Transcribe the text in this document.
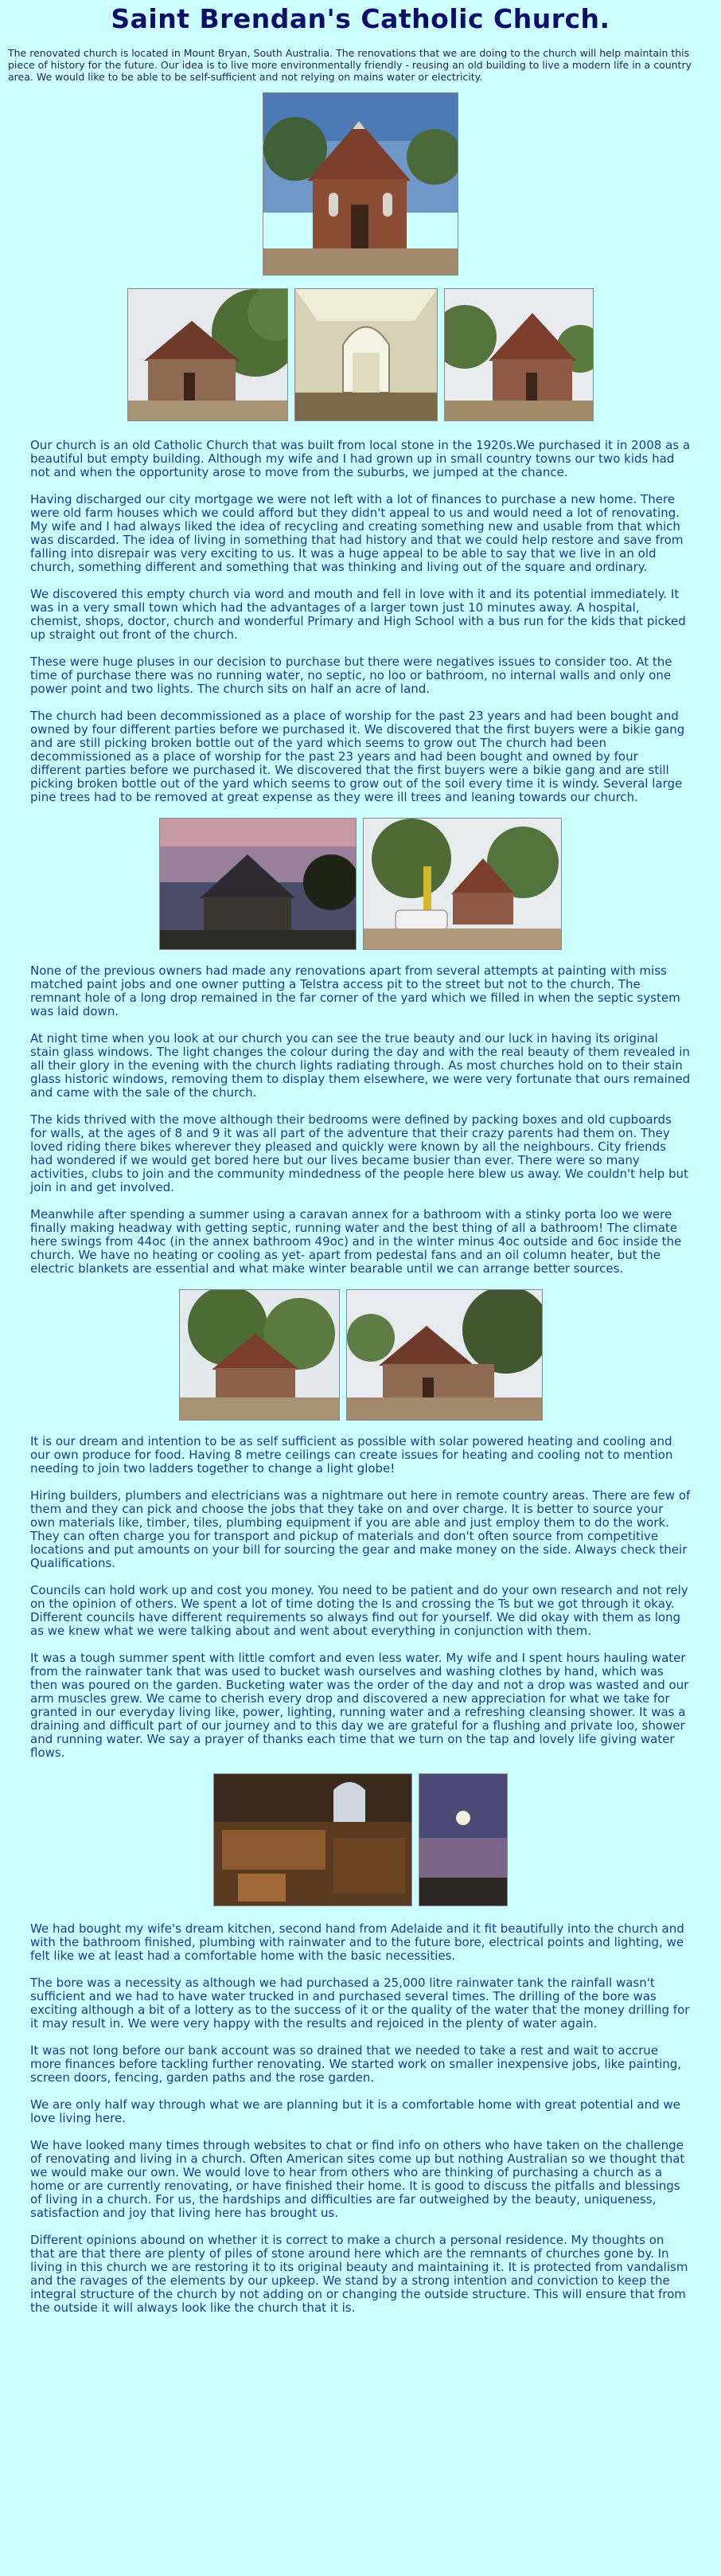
Saint Brendan's Catholic Church.
The renovated church is located in Mount Bryan, South Australia. The renovations that we are doing to the church will help maintain this piece of history for the future. Our idea is to live more environmentally friendly - reusing an old building to live a modern life in a country area. We would like to be able to be self-sufficient and not relying on mains water or electricity.

Our church is an old Catholic Church that was built from local stone in the 1920s.We purchased it in 2008 as a beautiful but empty building. Although my wife and I had grown up in small country towns our two kids had not and when the opportunity arose to move from the suburbs, we jumped at the chance.

Having discharged our city mortgage we were not left with a lot of finances to purchase a new home. There were old farm houses which we could afford but they didn't appeal to us and would need a lot of renovating. My wife and I had always liked the idea of recycling and creating something new and usable from that which was discarded. The idea of living in something that had history and that we could help restore and save from falling into disrepair was very exciting to us. It was a huge appeal to be able to say that we live in an old church, something different and something that was thinking and living out of the square and ordinary.

We discovered this empty church via word and mouth and fell in love with it and its potential immediately. It was in a very small town which had the advantages of a larger town just 10 minutes away. A hospital, chemist, shops, doctor, church and wonderful Primary and High School with a bus run for the kids that picked up straight out front of the church.

These were huge pluses in our decision to purchase but there were negatives issues to consider too. At the time of purchase there was no running water, no septic, no loo or bathroom, no internal walls and only one power point and two lights. The church sits on half an acre of land.

The church had been decommissioned as a place of worship for the past 23 years and had been bought and owned by four different parties before we purchased it. We discovered that the first buyers were a bikie gang and are still picking broken bottle out of the yard which seems to grow out The church had been decommissioned as a place of worship for the past 23 years and had been bought and owned by four different parties before we purchased it. We discovered that the first buyers were a bikie gang and are still picking broken bottle out of the yard which seems to grow out of the soil every time it is windy. Several large pine trees had to be removed at great expense as they were ill trees and leaning towards our church.

None of the previous owners had made any renovations apart from several attempts at painting with miss matched paint jobs and one owner putting a Telstra access pit to the street but not to the church. The remnant hole of a long drop remained in the far corner of the yard which we filled in when the septic system was laid down.

At night time when you look at our church you can see the true beauty and our luck in having its original stain glass windows. The light changes the colour during the day and with the real beauty of them revealed in all their glory in the evening with the church lights radiating through. As most churches hold on to their stain glass historic windows, removing them to display them elsewhere, we were very fortunate that ours remained and came with the sale of the church.

The kids thrived with the move although their bedrooms were defined by packing boxes and old cupboards for walls, at the ages of 8 and 9 it was all part of the adventure that their crazy parents had them on. They loved riding there bikes wherever they pleased and quickly were known by all the neighbours. City friends had wondered if we would get bored here but our lives became busier than ever. There were so many activities, clubs to join and the community mindedness of the people here blew us away. We couldn't help but join in and get involved.

Meanwhile after spending a summer using a caravan annex for a bathroom with a stinky porta loo we were finally making headway with getting septic, running water and the best thing of all a bathroom! The climate here swings from 44oc (in the annex bathroom 49oc) and in the winter minus 4oc outside and 6oc inside the church. We have no heating or cooling as yet- apart from pedestal fans and an oil column heater, but the electric blankets are essential and what make winter bearable until we can arrange better sources.

It is our dream and intention to be as self sufficient as possible with solar powered heating and cooling and our own produce for food. Having 8 metre ceilings can create issues for heating and cooling not to mention needing to join two ladders together to change a light globe!

Hiring builders, plumbers and electricians was a nightmare out here in remote country areas. There are few of them and they can pick and choose the jobs that they take on and over charge. It is better to source your own materials like, timber, tiles, plumbing equipment if you are able and just employ them to do the work. They can often charge you for transport and pickup of materials and don't often source from competitive locations and put amounts on your bill for sourcing the gear and make money on the side. Always check their Qualifications.

Councils can hold work up and cost you money. You need to be patient and do your own research and not rely on the opinion of others. We spent a lot of time doting the Is and crossing the Ts but we got through it okay. Different councils have different requirements so always find out for yourself. We did okay with them as long as we knew what we were talking about and went about everything in conjunction with them.

It was a tough summer spent with little comfort and even less water. My wife and I spent hours hauling water from the rainwater tank that was used to bucket wash ourselves and washing clothes by hand, which was then was poured on the garden. Bucketing water was the order of the day and not a drop was wasted and our arm muscles grew. We came to cherish every drop and discovered a new appreciation for what we take for granted in our everyday living like, power, lighting, running water and a refreshing cleansing shower. It was a draining and difficult part of our journey and to this day we are grateful for a flushing and private loo, shower and running water. We say a prayer of thanks each time that we turn on the tap and lovely life giving water flows.

We had bought my wife's dream kitchen, second hand from Adelaide and it fit beautifully into the church and with the bathroom finished, plumbing with rainwater and to the future bore, electrical points and lighting, we felt like we at least had a comfortable home with the basic necessities.

The bore was a necessity as although we had purchased a 25,000 litre rainwater tank the rainfall wasn't sufficient and we had to have water trucked in and purchased several times. The drilling of the bore was exciting although a bit of a lottery as to the success of it or the quality of the water that the money drilling for it may result in. We were very happy with the results and rejoiced in the plenty of water again.

It was not long before our bank account was so drained that we needed to take a rest and wait to accrue more finances before tackling further renovating. We started work on smaller inexpensive jobs, like painting, screen doors, fencing, garden paths and the rose garden.

We are only half way through what we are planning but it is a comfortable home with great potential and we love living here.

We have looked many times through websites to chat or find info on others who have taken on the challenge of renovating and living in a church. Often American sites come up but nothing Australian so we thought that we would make our own. We would love to hear from others who are thinking of purchasing a church as a home or are currently renovating, or have finished their home. It is good to discuss the pitfalls and blessings of living in a church. For us, the hardships and difficulties are far outweighed by the beauty, uniqueness, satisfaction and joy that living here has brought us.

Different opinions abound on whether it is correct to make a church a personal residence. My thoughts on that are that there are plenty of piles of stone around here which are the remnants of churches gone by. In living in this church we are restoring it to its original beauty and maintaining it. It is protected from vandalism and the ravages of the elements by our upkeep. We stand by a strong intention and conviction to keep the integral structure of the church by not adding on or changing the outside structure. This will ensure that from the outside it will always look like the church that it is.
